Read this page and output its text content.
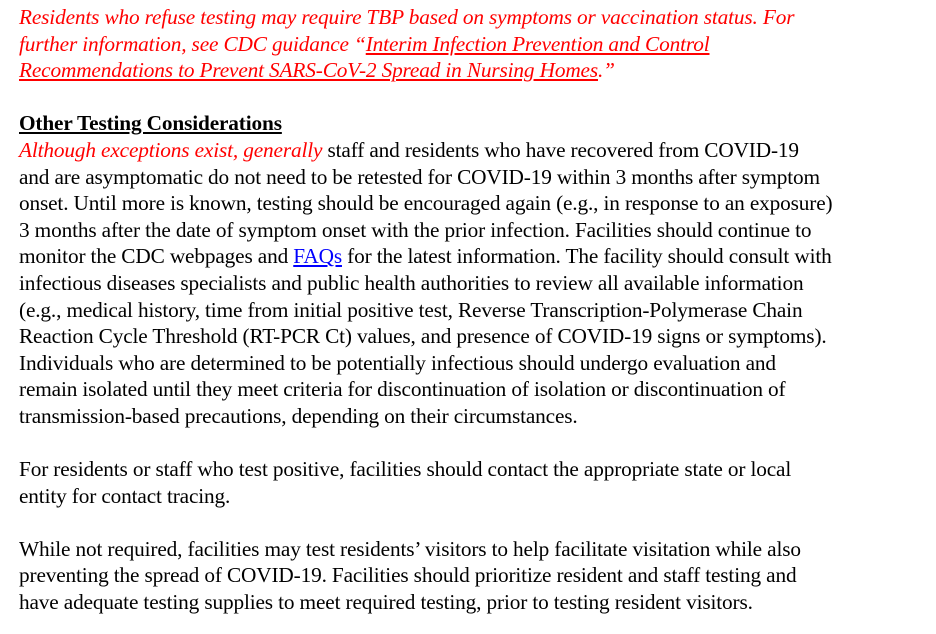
Residents who refuse testing may require TBP based on symptoms or vaccination status. For
further information, see CDC guidance “Interim Infection Prevention and Control
Recommendations to Prevent SARS-CoV-2 Spread in Nursing Homes.”
Other Testing Considerations
Although exceptions exist, generally staff and residents who have recovered from COVID-19
and are asymptomatic do not need to be retested for COVID-19 within 3 months after symptom
onset. Until more is known, testing should be encouraged again (e.g., in response to an exposure)
3 months after the date of symptom onset with the prior infection. Facilities should continue to
monitor the CDC webpages and FAQs for the latest information. The facility should consult with
infectious diseases specialists and public health authorities to review all available information
(e.g., medical history, time from initial positive test, Reverse Transcription-Polymerase Chain
Reaction Cycle Threshold (RT-PCR Ct) values, and presence of COVID-19 signs or symptoms).
Individuals who are determined to be potentially infectious should undergo evaluation and
remain isolated until they meet criteria for discontinuation of isolation or discontinuation of
transmission-based precautions, depending on their circumstances.
For residents or staff who test positive, facilities should contact the appropriate state or local
entity for contact tracing.
While not required, facilities may test residents’ visitors to help facilitate visitation while also
preventing the spread of COVID-19. Facilities should prioritize resident and staff testing and
have adequate testing supplies to meet required testing, prior to testing resident visitors.
